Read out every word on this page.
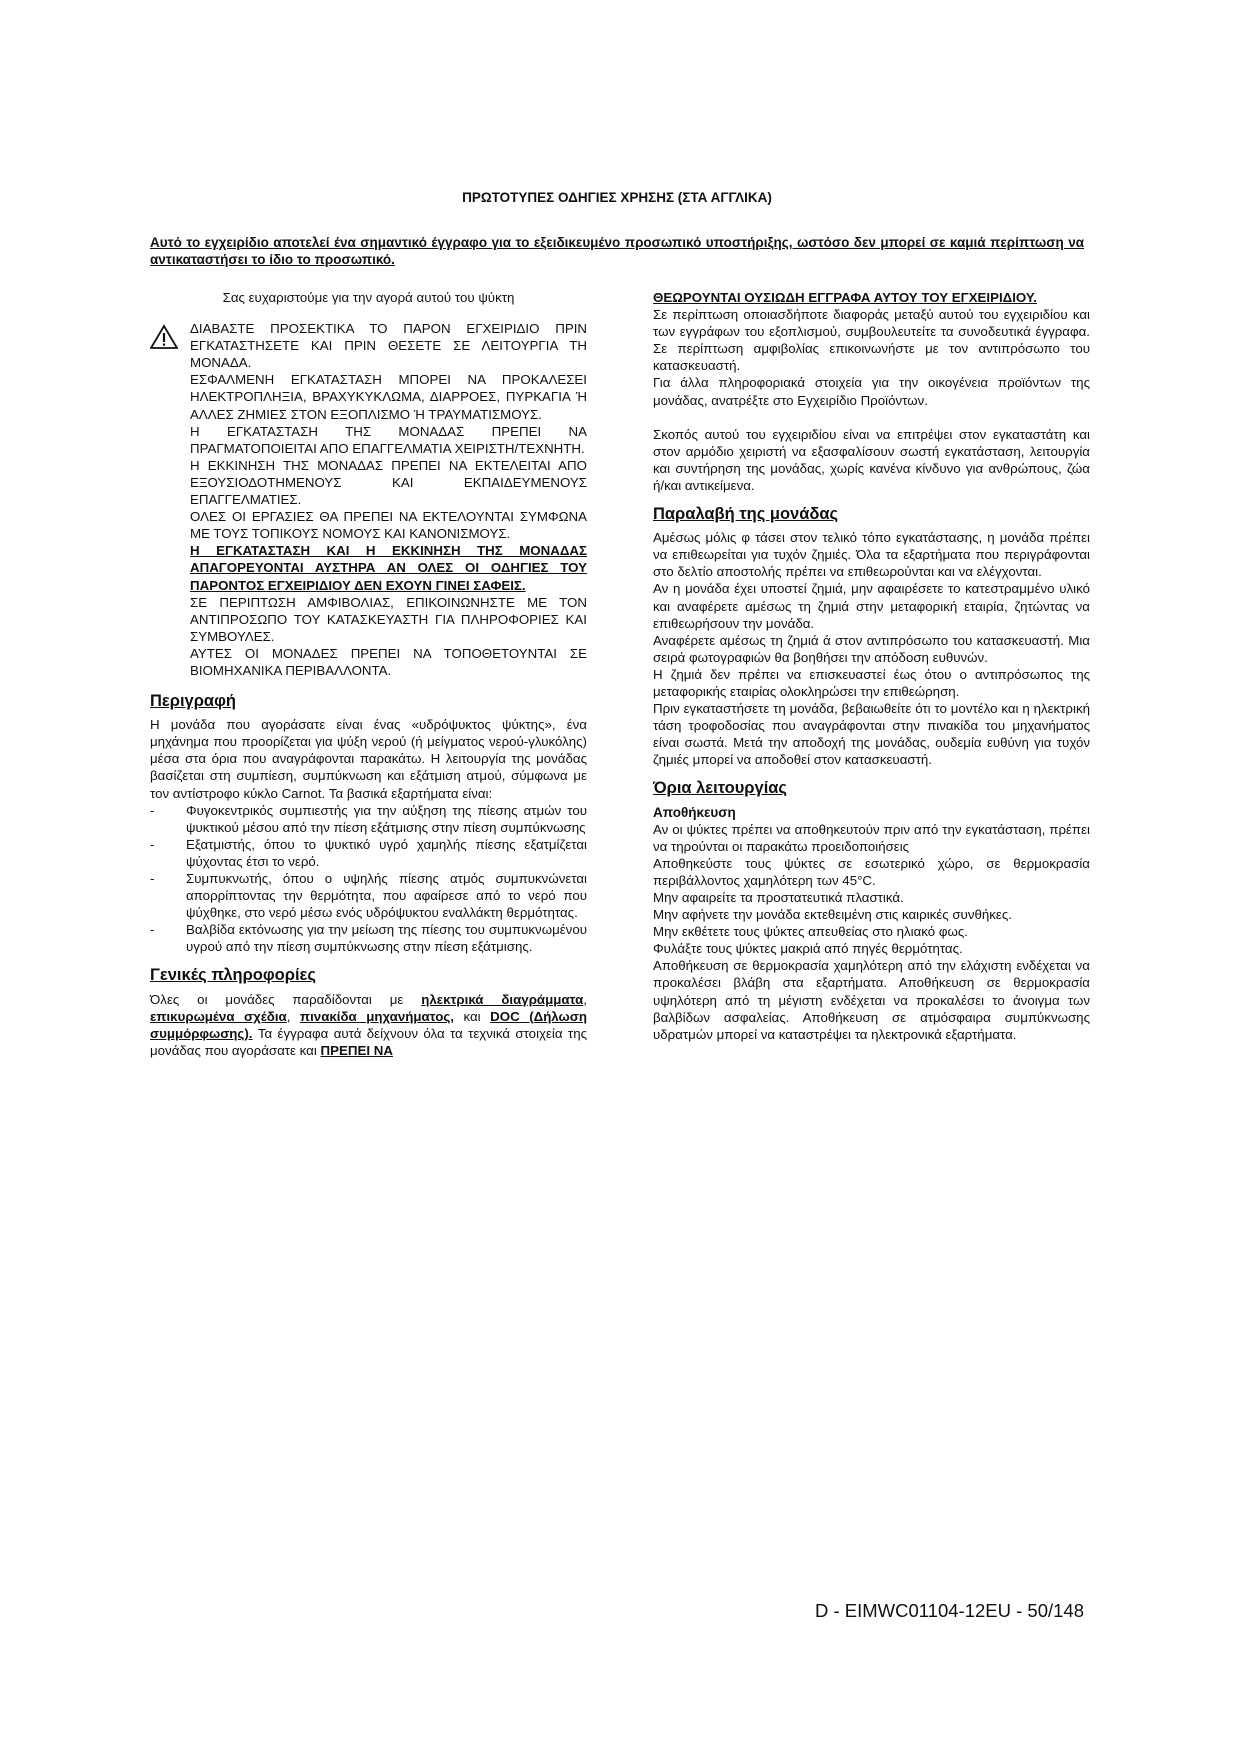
ΠΡΩΤΟΤΥΠΕΣ ΟΔΗΓΙΕΣ ΧΡΗΣΗΣ (ΣΤΑ ΑΓΓΛΙΚΑ)
Αυτό το εγχειρίδιο αποτελεί ένα σημαντικό έγγραφο για το εξειδικευμένο προσωπικό υποστήριξης, ωστόσο δεν μπορεί σε καμιά περίπτωση να αντικαταστήσει το ίδιο το προσωπικό.

Σας ευχαριστούμε για την αγορά αυτού του ψύκτη

ΔΙΑΒΑΣΤΕ ΠΡΟΣΕΚΤΙΚΑ ΤΟ ΠΑΡΟΝ ΕΓΧΕΙΡΙΔΙΟ ΠΡΙΝ ΕΓΚΑΤΑΣΤΗΣΕΤΕ ΚΑΙ ΠΡΙΝ ΘΕΣΕΤΕ ΣΕ ΛΕΙΤΟΥΡΓΙΑ ΤΗ ΜΟΝΑΔΑ.

ΕΣΦΑΛΜΕΝΗ ΕΓΚΑΤΑΣΤΑΣΗ ΜΠΟΡΕΙ ΝΑ ΠΡΟΚΑΛΕΣΕΙ ΗΛΕΚΤΡΟΠΛΗΞΙΑ, ΒΡΑΧΥΚΥΚΛΩΜΑ, ΔΙΑΡΡΟΕΣ, ΠΥΡΚΑΓΙΑ Ή ΑΛΛΕΣ ΖΗΜΙΕΣ ΣΤΟΝ ΕΞΟΠΛΙΣΜΟ Ή ΤΡΑΥΜΑΤΙΣΜΟΥΣ.

Η ΕΓΚΑΤΑΣΤΑΣΗ ΤΗΣ ΜΟΝΑΔΑΣ ΠΡΕΠΕΙ ΝΑ ΠΡΑΓΜΑΤΟΠΟΙΕΙΤΑΙ ΑΠΟ ΕΠΑΓΓΕΛΜΑΤΙΑ ΧΕΙΡΙΣΤΗ/ΤΕΧΝΗΤΗ.

Η ΕΚΚΙΝΗΣΗ ΤΗΣ ΜΟΝΑΔΑΣ ΠΡΕΠΕΙ ΝΑ ΕΚΤΕΛΕΙΤΑΙ ΑΠΟ ΕΞΟΥΣΙΟΔΟΤΗΜΕΝΟΥΣ ΚΑΙ ΕΚΠΑΙΔΕΥΜΕΝΟΥΣ ΕΠΑΓΓΕΛΜΑΤΙΕΣ.

ΟΛΕΣ ΟΙ ΕΡΓΑΣΙΕΣ ΘΑ ΠΡΕΠΕΙ ΝΑ ΕΚΤΕΛΟΥΝΤΑΙ ΣΥΜΦΩΝΑ ΜΕ ΤΟΥΣ ΤΟΠΙΚΟΥΣ ΝΟΜΟΥΣ ΚΑΙ ΚΑΝΟΝΙΣΜΟΥΣ.

Η ΕΓΚΑΤΑΣΤΑΣΗ ΚΑΙ Η ΕΚΚΙΝΗΣΗ ΤΗΣ ΜΟΝΑΔΑΣ ΑΠΑΓΟΡΕΥΟΝΤΑΙ ΑΥΣΤΗΡΑ ΑΝ ΟΛΕΣ ΟΙ ΟΔΗΓΙΕΣ ΤΟΥ ΠΑΡΟΝΤΟΣ ΕΓΧΕΙΡΙΔΙΟΥ ΔΕΝ ΕΧΟΥΝ ΓΙΝΕΙ ΣΑΦΕΙΣ.

ΣΕ ΠΕΡΙΠΤΩΣΗ ΑΜΦΙΒΟΛΙΑΣ, ΕΠΙΚΟΙΝΩΝΗΣΤΕ ΜΕ ΤΟΝ ΑΝΤΙΠΡΟΣΩΠΟ ΤΟΥ ΚΑΤΑΣΚΕΥΑΣΤΗ ΓΙΑ ΠΛΗΡΟΦΟΡΙΕΣ ΚΑΙ ΣΥΜΒΟΥΛΕΣ.

ΑΥΤΕΣ ΟΙ ΜΟΝΑΔΕΣ ΠΡΕΠΕΙ ΝΑ ΤΟΠΟΘΕΤΟΥΝΤΑΙ ΣΕ ΒΙΟΜΗΧΑΝΙΚΑ ΠΕΡΙΒΑΛΛΟΝΤΑ.

Περιγραφή

Η μονάδα που αγοράσατε είναι ένας «υδρόψυκτος ψύκτης», ένα μηχάνημα που προορίζεται για ψύξη νερού (ή μείγματος νερού-γλυκόλης) μέσα στα όρια που αναγράφονται παρακάτω. Η λειτουργία της μονάδας βασίζεται στη συμπίεση, συμπύκνωση και εξάτμιση ατμού, σύμφωνα με τον αντίστροφο κύκλο Carnot. Τα βασικά εξαρτήματα είναι:

- Φυγοκεντρικός συμπιεστής για την αύξηση της πίεσης ατμών του ψυκτικού μέσου από την πίεση εξάτμισης στην πίεση συμπύκνωσης
- Εξατμιστής, όπου το ψυκτικό υγρό χαμηλής πίεσης εξατμίζεται ψύχοντας έτσι το νερό.
- Συμπυκνωτής, όπου ο υψηλής πίεσης ατμός συμπυκνώνεται απορρίπτοντας την θερμότητα, που αφαίρεσε από το νερό που ψύχθηκε, στο νερό μέσω ενός υδρόψυκτου εναλλάκτη θερμότητας.
- Βαλβίδα εκτόνωσης για την μείωση της πίεσης του συμπυκνωμένου υγρού από την πίεση συμπύκνωσης στην πίεση εξάτμισης.
Γενικές πληροφορίες

Όλες οι μονάδες παραδίδονται με ηλεκτρικά διαγράμματα, επικυρωμένα σχέδια, πινακίδα μηχανήματος, και DOC (Δήλωση συμμόρφωσης). Τα έγγραφα αυτά δείχνουν όλα τα τεχνικά στοιχεία της μονάδας που αγοράσατε και ΠΡΕΠΕΙ ΝΑ

ΘΕΩΡΟΥΝΤΑΙ ΟΥΣΙΩΔΗ ΕΓΓΡΑΦΑ ΑΥΤΟΥ ΤΟΥ ΕΓΧΕΙΡΙΔΙΟΥ.

Σε περίπτωση οποιασδήποτε διαφοράς μεταξύ αυτού του εγχειριδίου και των εγγράφων του εξοπλισμού, συμβουλευτείτε τα συνοδευτικά έγγραφα. Σε περίπτωση αμφιβολίας επικοινωνήστε με τον αντιπρόσωπο του κατασκευαστή.

Για άλλα πληροφοριακά στοιχεία για την οικογένεια προϊόντων της μονάδας, ανατρέξτε στο Εγχειρίδιο Προϊόντων.

Σκοπός αυτού του εγχειριδίου είναι να επιτρέψει στον εγκαταστάτη και στον αρμόδιο χειριστή να εξασφαλίσουν σωστή εγκατάσταση, λειτουργία και συντήρηση της μονάδας, χωρίς κανένα κίνδυνο για ανθρώπους, ζώα ή/και αντικείμενα.

Παραλαβή της μονάδας

Αμέσως μόλις φ τάσει στον τελικό τόπο εγκατάστασης, η μονάδα πρέπει να επιθεωρείται για τυχόν ζημιές. Όλα τα εξαρτήματα που περιγράφονται στο δελτίο αποστολής πρέπει να επιθεωρούνται και να ελέγχονται.

Αν η μονάδα έχει υποστεί ζημιά, μην αφαιρέσετε το κατεστραμμένο υλικό και αναφέρετε αμέσως τη ζημιά στην μεταφορική εταιρία, ζητώντας να επιθεωρήσουν την μονάδα.

Αναφέρετε αμέσως τη ζημιά ά στον αντιπρόσωπο του κατασκευαστή. Μια σειρά φωτογραφιών θα βοηθήσει την απόδοση ευθυνών.

Η ζημιά δεν πρέπει να επισκευαστεί έως ότου ο αντιπρόσωπος της μεταφορικής εταιρίας ολοκληρώσει την επιθεώρηση.

Πριν εγκαταστήσετε τη μονάδα, βεβαιωθείτε ότι το μοντέλο και η ηλεκτρική τάση τροφοδοσίας που αναγράφονται στην πινακίδα του μηχανήματος είναι σωστά. Μετά την αποδοχή της μονάδας, ουδεμία ευθύνη για τυχόν ζημιές μπορεί να αποδοθεί στον κατασκευαστή.

Όρια λειτουργίας

Αποθήκευση

Αν οι ψύκτες πρέπει να αποθηκευτούν πριν από την εγκατάσταση, πρέπει να τηρούνται οι παρακάτω προειδοποιήσεις

Αποθηκεύστε τους ψύκτες σε εσωτερικό χώρο, σε θερμοκρασία περιβάλλοντος χαμηλότερη των 45°C.

Μην αφαιρείτε τα προστατευτικά πλαστικά.

Μην αφήνετε την μονάδα εκτεθειμένη στις καιρικές συνθήκες.

Μην εκθέτετε τους ψύκτες απευθείας στο ηλιακό φως.

Φυλάξτε τους ψύκτες μακριά από πηγές θερμότητας.

Αποθήκευση σε θερμοκρασία χαμηλότερη από την ελάχιστη ενδέχεται να προκαλέσει βλάβη στα εξαρτήματα. Αποθήκευση σε θερμοκρασία υψηλότερη από τη μέγιστη ενδέχεται να προκαλέσει το άνοιγμα των βαλβίδων ασφαλείας. Αποθήκευση σε ατμόσφαιρα συμπύκνωσης υδρατμών μπορεί να καταστρέψει τα ηλεκτρονικά εξαρτήματα.

D - EIMWC01104-12EU - 50/148
